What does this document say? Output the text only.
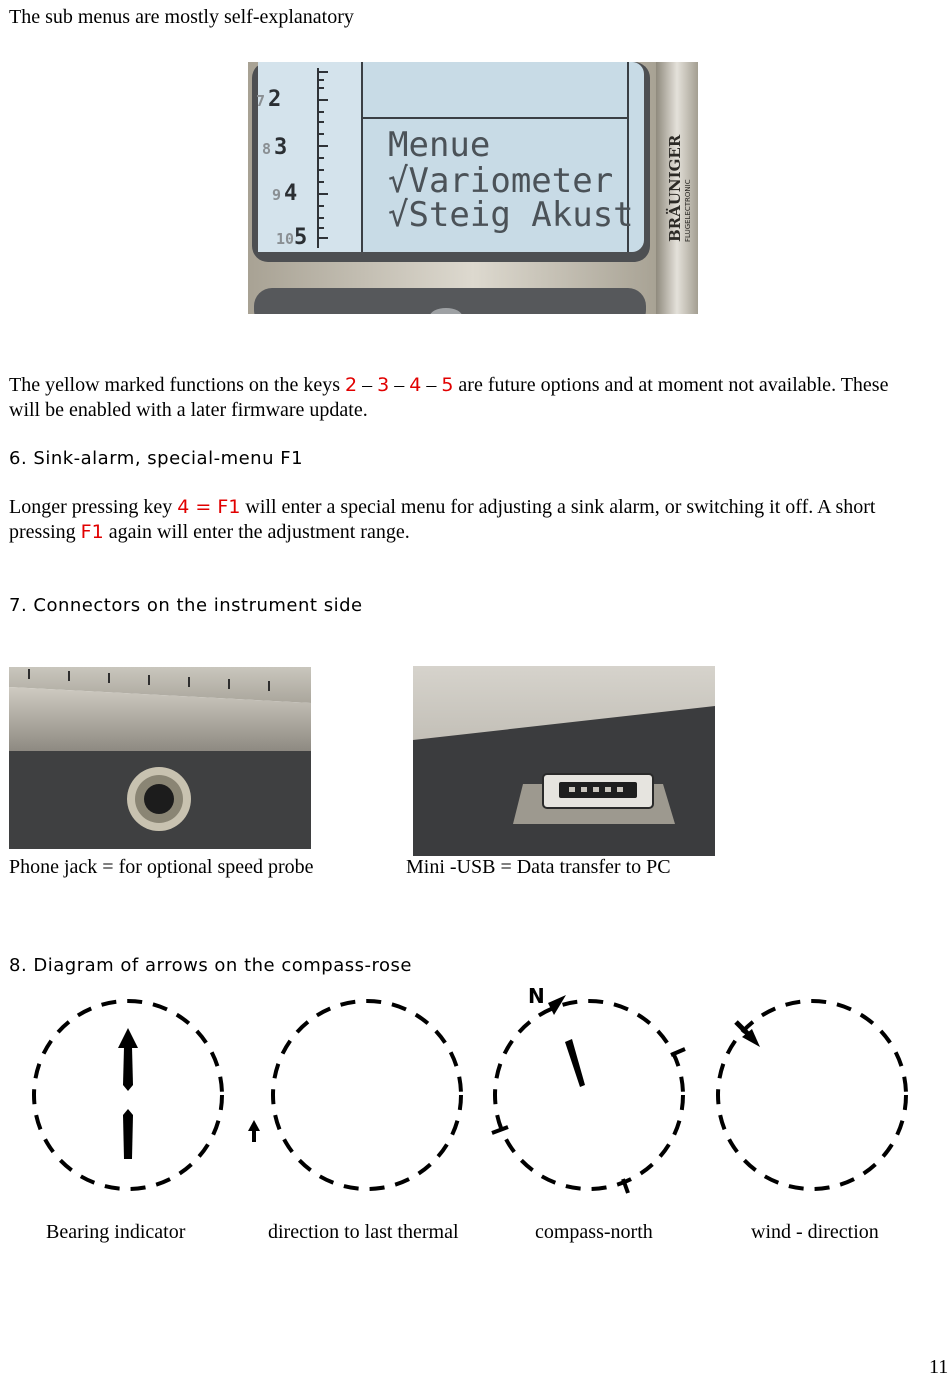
The sub menus are mostly self-explanatory
7 2
8 3
9 4
10 5
Menue
√Variometer
√Steig Akust BRÄUNIGER FLUGELECTRONIC
The yellow marked functions on the keys 2 – 3 – 4 – 5 are future options and at moment not available. These
will be enabled with a later firmware update.
6. Sink-alarm, special-menu F1
Longer pressing key 4 = F1 will enter a special menu for adjusting a sink alarm, or switching it off. A short
pressing F1 again will enter the adjustment range.
7. Connectors on the instrument side
Phone jack = for optional speed probe	Mini -USB = Data transfer to PC
8. Diagram of arrows on the compass-rose
N
Bearing indicator	direction to last thermal	compass-north	wind - direction
11
